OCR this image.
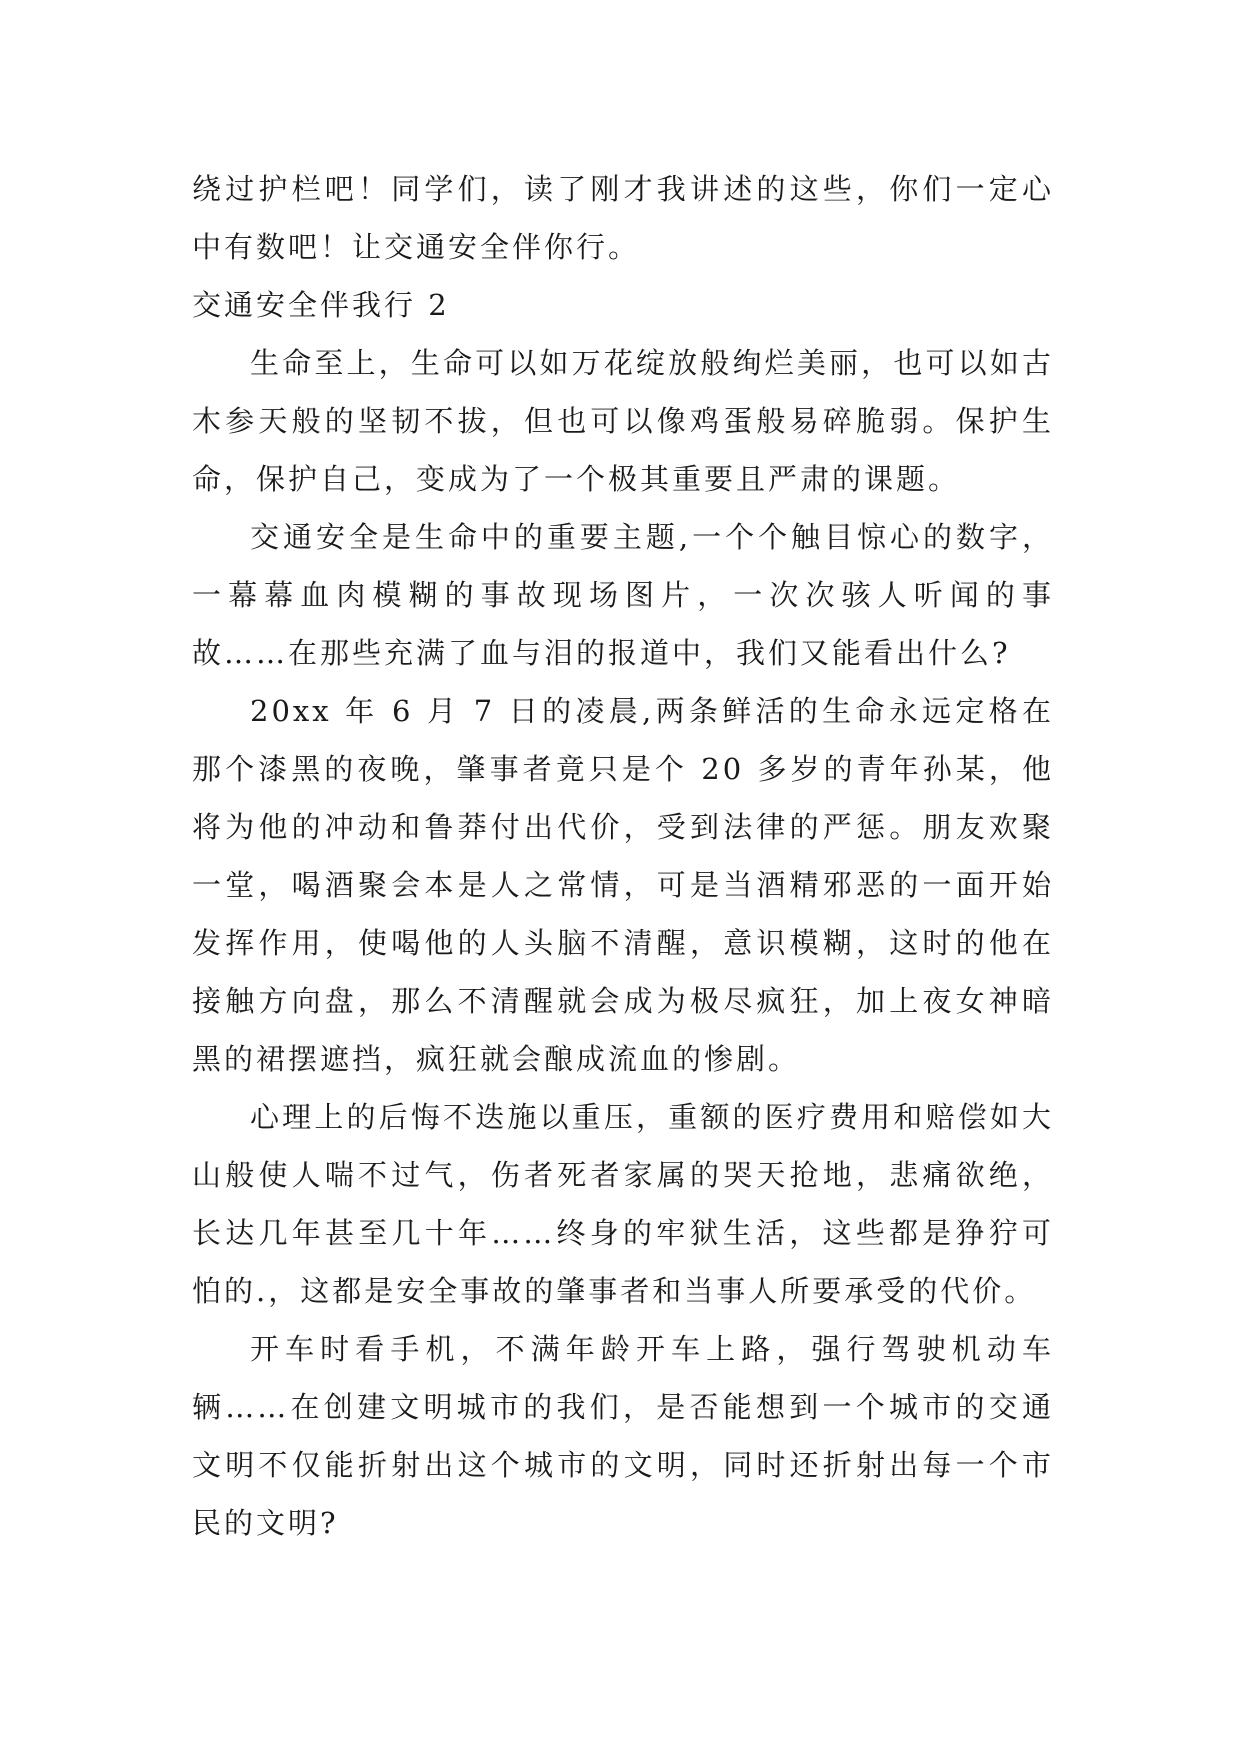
绕过护栏吧！同学们，读了刚才我讲述的这些，你们一定心中有数吧！让交通安全伴你行。

交通安全伴我行 2

生命至上，生命可以如万花绽放般绚烂美丽，也可以如古木参天般的坚韧不拔，但也可以像鸡蛋般易碎脆弱。保护生命，保护自己，变成为了一个极其重要且严肃的课题。

交通安全是生命中的重要主题,一个个触目惊心的数字，一幕幕血肉模糊的事故现场图片，一次次骇人听闻的事故……在那些充满了血与泪的报道中，我们又能看出什么?

20xx 年 6 月 7 日的凌晨,两条鲜活的生命永远定格在那个漆黑的夜晚，肇事者竟只是个 20 多岁的青年孙某，他将为他的冲动和鲁莽付出代价，受到法律的严惩。朋友欢聚一堂，喝酒聚会本是人之常情，可是当酒精邪恶的一面开始发挥作用，使喝他的人头脑不清醒，意识模糊，这时的他在接触方向盘，那么不清醒就会成为极尽疯狂，加上夜女神暗黑的裙摆遮挡，疯狂就会酿成流血的惨剧。

心理上的后悔不迭施以重压，重额的医疗费用和赔偿如大山般使人喘不过气，伤者死者家属的哭天抢地，悲痛欲绝，长达几年甚至几十年……终身的牢狱生活，这些都是狰狞可怕的.，这都是安全事故的肇事者和当事人所要承受的代价。

开车时看手机，不满年龄开车上路，强行驾驶机动车辆……在创建文明城市的我们，是否能想到一个城市的交通文明不仅能折射出这个城市的文明，同时还折射出每一个市民的文明?
